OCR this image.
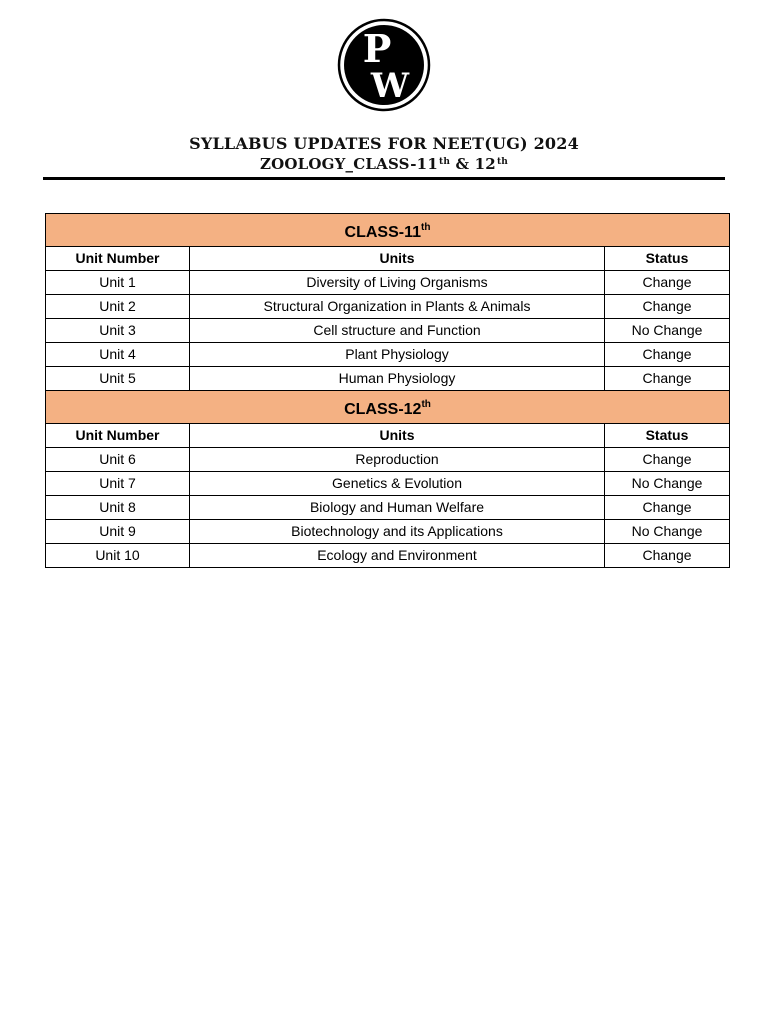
P
W
SYLLABUS UPDATES FOR NEET(UG) 2024
ZOOLOGY_CLASS-11th & 12th
CLASS-11th
Unit Number	Units	Status
Unit 1	Diversity of Living Organisms	Change
Unit 2	Structural Organization in Plants & Animals	Change
Unit 3	Cell structure and Function	No Change
Unit 4	Plant Physiology	Change
Unit 5	Human Physiology	Change
CLASS-12th
Unit Number	Units	Status
Unit 6	Reproduction	Change
Unit 7	Genetics & Evolution	No Change
Unit 8	Biology and Human Welfare	Change
Unit 9	Biotechnology and its Applications	No Change
Unit 10	Ecology and Environment	Change
